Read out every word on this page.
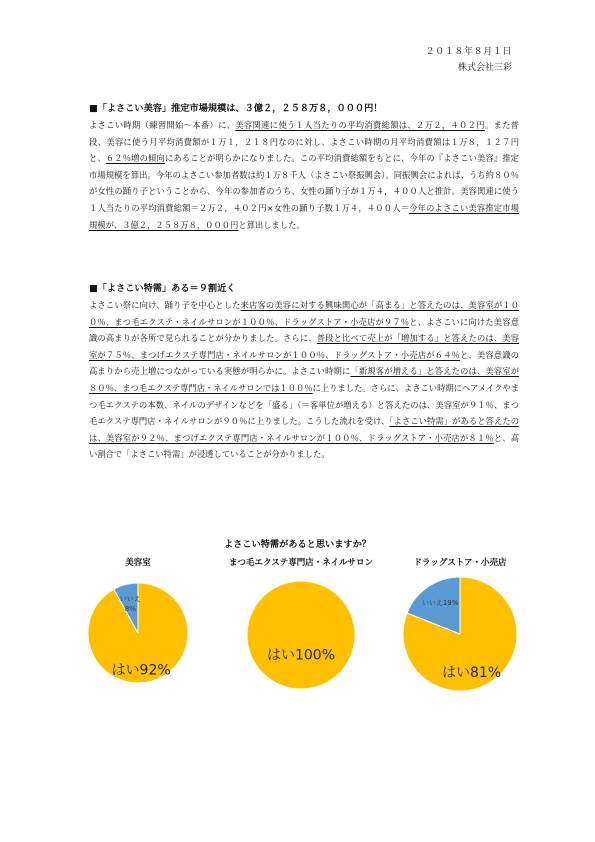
２０１８年８月１日
株式会社三彩
■「よさこい美容」推定市場規模は、３億２，２５８万８，０００円！

よさこい時期（練習開始～本番）に、美容関連に使う１人当たりの平均消費総額は、２万２，４０２円。また普段、美容に使う月平均消費額が１万１，２１８円なのに対し、よさこい時期の月平均消費額は１万８，１２７円と、６２％増の傾向にあることが明らかになりました。この平均消費総額をもとに、今年の『よさこい美容』推定市場規模を算出。今年のよさこい参加者数は約１万８千人（よさこい祭振興会）。同振興会によれば、うち約８０％が女性の踊り子ということから、今年の参加者のうち、女性の踊り子が１万４，４００人と推計。美容関連に使う１人当たりの平均消費総額＝２万２，４０２円×女性の踊り子数１万４，４００人＝今年のよさこい美容推定市場規模が、３億２，２５８万８，０００円と算出しました。

■「よさこい特需」ある＝９割近く

よさこい祭に向け、踊り子を中心とした来店客の美容に対する興味関心が「高まる」と答えたのは、美容室が１００％、まつ毛エクステ・ネイルサロンが１００％、ドラッグストア・小売店が９７％と、よさこいに向けた美容意識の高まりが各所で見られることが分かりました。さらに、普段と比べて売上が「増加する」と答えたのは、美容室が７５％、まつげエクステ専門店・ネイルサロンが１００％、ドラッグストア・小売店が６４％と、美容意識の高まりから売上増につながっている実態が明らかに。よさこい時期に「新規客が増える」と答えたのは、美容室が８０％、まつ毛エクステ専門店・ネイルサロンでは１００％に上りました。さらに、よさこい時期にヘアメイクやまつ毛エクステの本数、ネイルのデザインなどを「盛る」（＝客単位が増える）と答えたのは、美容室が９１％、まつ毛エクステ専門店・ネイルサロンが９０％に上りました。こうした流れを受け、「よさこい特需」があると答えたのは、美容室が９２％、まつげエクステ専門店・ネイルサロンが１００％、ドラッグストア・小売店が８１％と、高い割合で「よさこい特需」が浸透していることが分かりました。

よさこい特需があると思いますか？
美容室
はい92%
いいえ 8%
まつ毛エクステ専門店・ネイルサロン
はい100%
ドラッグストア・小売店
はい81%
いいえ19%
